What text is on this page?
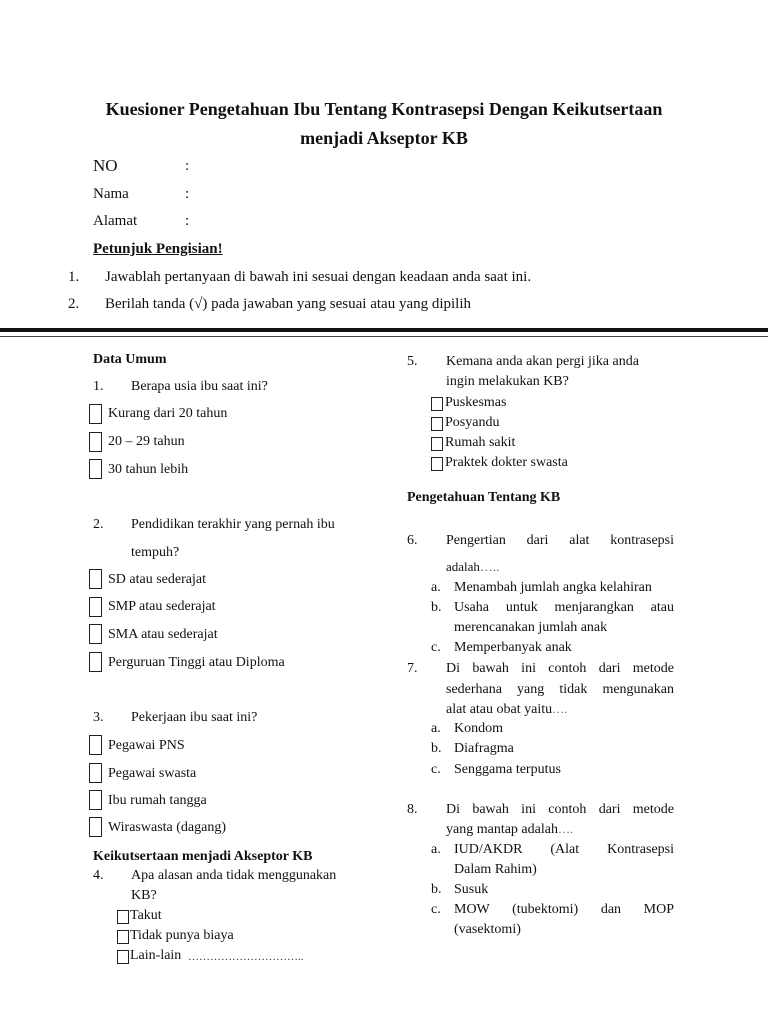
Kuesioner Pengetahuan Ibu Tentang Kontrasepsi Dengan Keikutsertaan
menjadi Akseptor KB
NO	:
Nama	:
Alamat	:
Petunjuk Pengisian!
1. Jawablah pertanyaan di bawah ini sesuai dengan keadaan anda saat ini.
2. Berilah tanda (√) pada jawaban yang sesuai atau yang dipilih
Data Umum
1. Berapa usia ibu saat ini?
Kurang dari 20 tahun
20 – 29 tahun
30 tahun lebih
2. Pendidikan terakhir yang pernah ibu
tempuh?
SD atau sederajat
SMP atau sederajat
SMA atau sederajat
Perguruan Tinggi atau Diploma
3. Pekerjaan ibu saat ini?
Pegawai PNS
Pegawai swasta
Ibu rumah tangga
Wiraswasta (dagang)
Keikutsertaan menjadi Akseptor KB
4. Apa alasan anda tidak menggunakan
KB?
Takut
Tidak punya biaya
Lain-lain …………………………..
5. Kemana anda akan pergi jika anda
ingin melakukan KB?
Puskesmas
Posyandu
Rumah sakit
Praktek dokter swasta
Pengetahuan Tentang KB
6. Pengertian dari alat kontrasepsi
adalah…..
a. Menambah jumlah angka kelahiran
b. Usaha untuk menjarangkan atau
merencanakan jumlah anak
c. Memperbanyak anak
7. Di bawah ini contoh dari metode
sederhana yang tidak mengunakan
alat atau obat yaitu….
a. Kondom
b. Diafragma
c. Senggama terputus
8. Di bawah ini contoh dari metode
yang mantap adalah….
a. IUD/AKDR (Alat Kontrasepsi
Dalam Rahim)
b. Susuk
c. MOW (tubektomi) dan MOP
(vasektomi)
